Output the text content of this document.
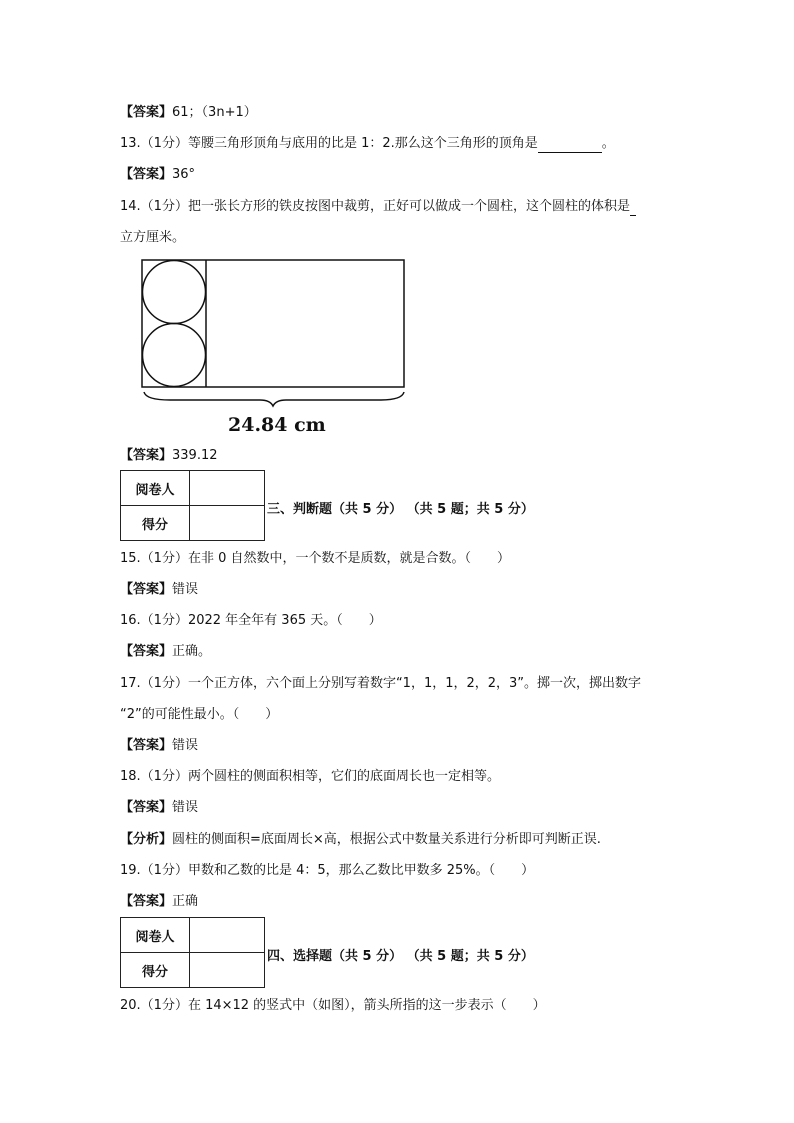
【答案】61；（3n+1）
13.（1分）等腰三角形顶角与底用的比是 1：2.那么这个三角形的顶角是	。
【答案】36°
14.（1分）把一张长方形的铁皮按图中裁剪，正好可以做成一个圆柱，这个圆柱的体积是
立方厘米。
24.84 cm
【答案】339.12
阅卷人	
得分	
三、判断题（共 5 分） （共 5 题；共 5 分）
15.（1分）在非 0 自然数中，一个数不是质数，就是合数。（　　）
【答案】错误
16.（1分）2022 年全年有 365 天。（　　）
【答案】正确。
17.（1分）一个正方体，六个面上分别写着数字“1，1，1，2，2，3”。掷一次，掷出数字
“2”的可能性最小。（　　）
【答案】错误
18.（1分）两个圆柱的侧面积相等，它们的底面周长也一定相等。
【答案】错误
【分析】圆柱的侧面积=底面周长×高，根据公式中数量关系进行分析即可判断正误.
19.（1分）甲数和乙数的比是 4：5，那么乙数比甲数多 25%。（　　）
【答案】正确
阅卷人	
得分	
四、选择题（共 5 分） （共 5 题；共 5 分）
20.（1分）在 14×12 的竖式中（如图），箭头所指的这一步表示（　　）
